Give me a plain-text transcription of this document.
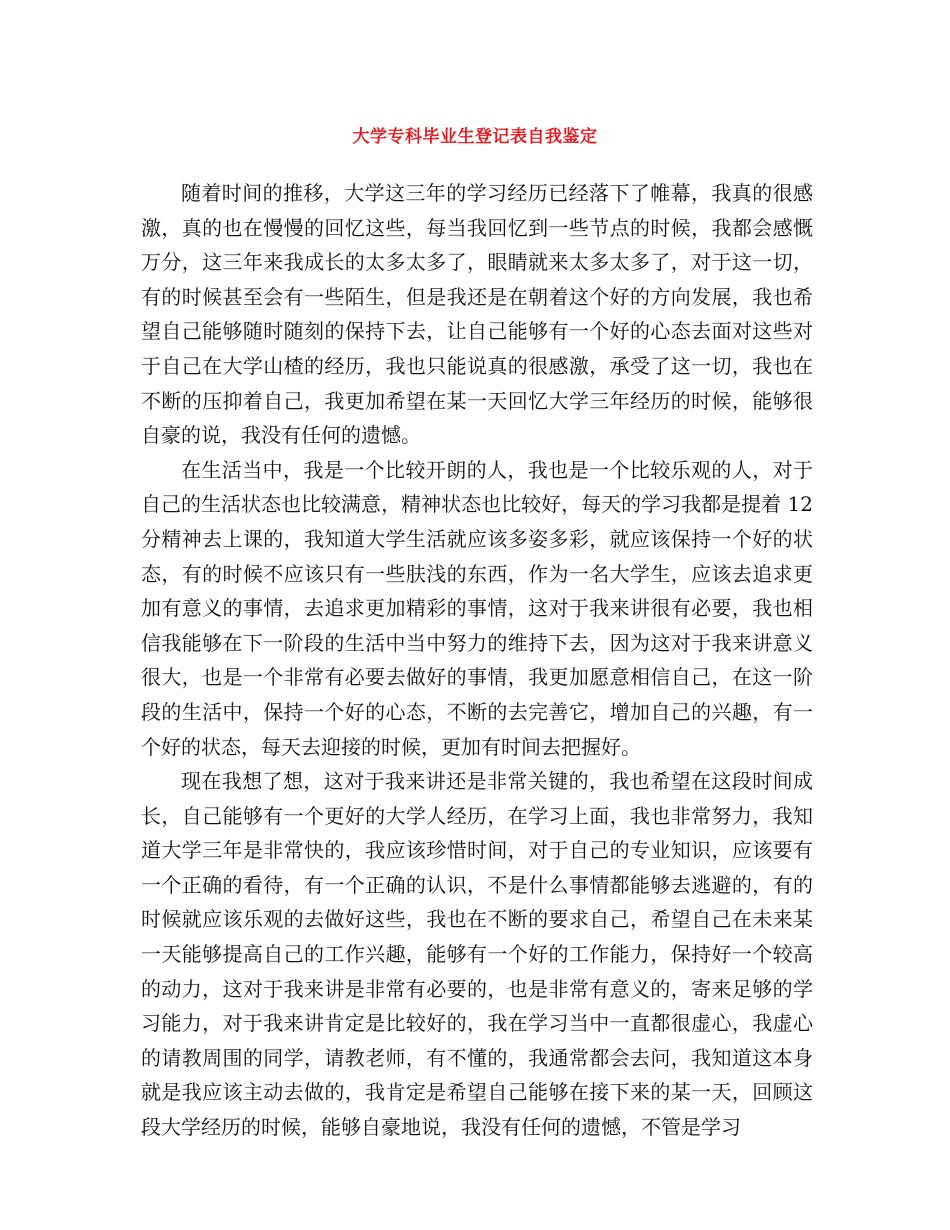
大学专科毕业生登记表自我鉴定

随着时间的推移，大学这三年的学习经历已经落下了帷幕，我真的很感激，真的也在慢慢的回忆这些，每当我回忆到一些节点的时候，我都会感慨万分，这三年来我成长的太多太多了，眼睛就来太多太多了，对于这一切，有的时候甚至会有一些陌生，但是我还是在朝着这个好的方向发展，我也希望自己能够随时随刻的保持下去，让自己能够有一个好的心态去面对这些对于自己在大学山楂的经历，我也只能说真的很感激，承受了这一切，我也在不断的压抑着自己，我更加希望在某一天回忆大学三年经历的时候，能够很自豪的说，我没有任何的遗憾。

在生活当中，我是一个比较开朗的人，我也是一个比较乐观的人，对于自己的生活状态也比较满意，精神状态也比较好，每天的学习我都是提着 12 分精神去上课的，我知道大学生活就应该多姿多彩，就应该保持一个好的状态，有的时候不应该只有一些肤浅的东西，作为一名大学生，应该去追求更加有意义的事情，去追求更加精彩的事情，这对于我来讲很有必要，我也相信我能够在下一阶段的生活中当中努力的维持下去，因为这对于我来讲意义很大，也是一个非常有必要去做好的事情，我更加愿意相信自己，在这一阶段的生活中，保持一个好的心态，不断的去完善它，增加自己的兴趣，有一个好的状态，每天去迎接的时候，更加有时间去把握好。

现在我想了想，这对于我来讲还是非常关键的，我也希望在这段时间成长，自己能够有一个更好的大学人经历，在学习上面，我也非常努力，我知道大学三年是非常快的，我应该珍惜时间，对于自己的专业知识，应该要有一个正确的看待，有一个正确的认识，不是什么事情都能够去逃避的，有的时候就应该乐观的去做好这些，我也在不断的要求自己，希望自己在未来某一天能够提高自己的工作兴趣，能够有一个好的工作能力，保持好一个较高的动力，这对于我来讲是非常有必要的，也是非常有意义的，寄来足够的学习能力，对于我来讲肯定是比较好的，我在学习当中一直都很虚心，我虚心的请教周围的同学，请教老师，有不懂的，我通常都会去问，我知道这本身就是我应该主动去做的，我肯定是希望自己能够在接下来的某一天，回顾这段大学经历的时候，能够自豪地说，我没有任何的遗憾，不管是学习
